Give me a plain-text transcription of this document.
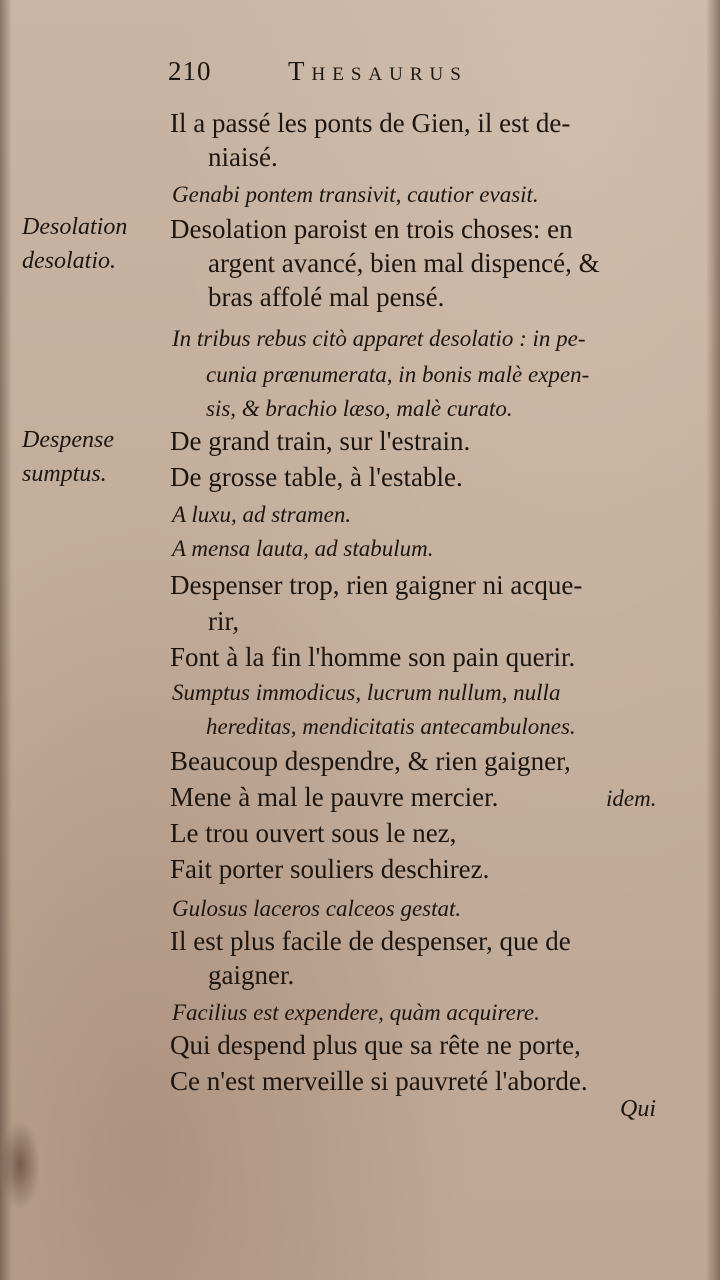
210	Thesaurus
Desolation
desolatio.
Despense
sumptus.
Il a passé les ponts de Gien, il est de-
niaisé.
Genabi pontem transivit, cautior evasit.
Desolation paroist en trois choses: en
argent avancé, bien mal dispencé, &
bras affolé mal pensé.
In tribus rebus citò apparet desolatio : in pe-
cunia prænumerata, in bonis malè expen-
sis, & brachio læso, malè curato.
De grand train, sur l'estrain.
De grosse table, à l'estable.
A luxu, ad stramen.
A mensa lauta, ad stabulum.
Despenser trop, rien gaigner ni acque-
rir,
Font à la fin l'homme son pain querir.
Sumptus immodicus, lucrum nullum, nulla
hereditas, mendicitatis antecambulones.
Beaucoup despendre, & rien gaigner,
Mene à mal le pauvre mercier.	idem.
Le trou ouvert sous le nez,
Fait porter souliers deschirez.
Gulosus laceros calceos gestat.
Il est plus facile de despenser, que de
gaigner.
Facilius est expendere, quàm acquirere.
Qui despend plus que sa rête ne porte,
Ce n'est merveille si pauvreté l'aborde.
Qui
